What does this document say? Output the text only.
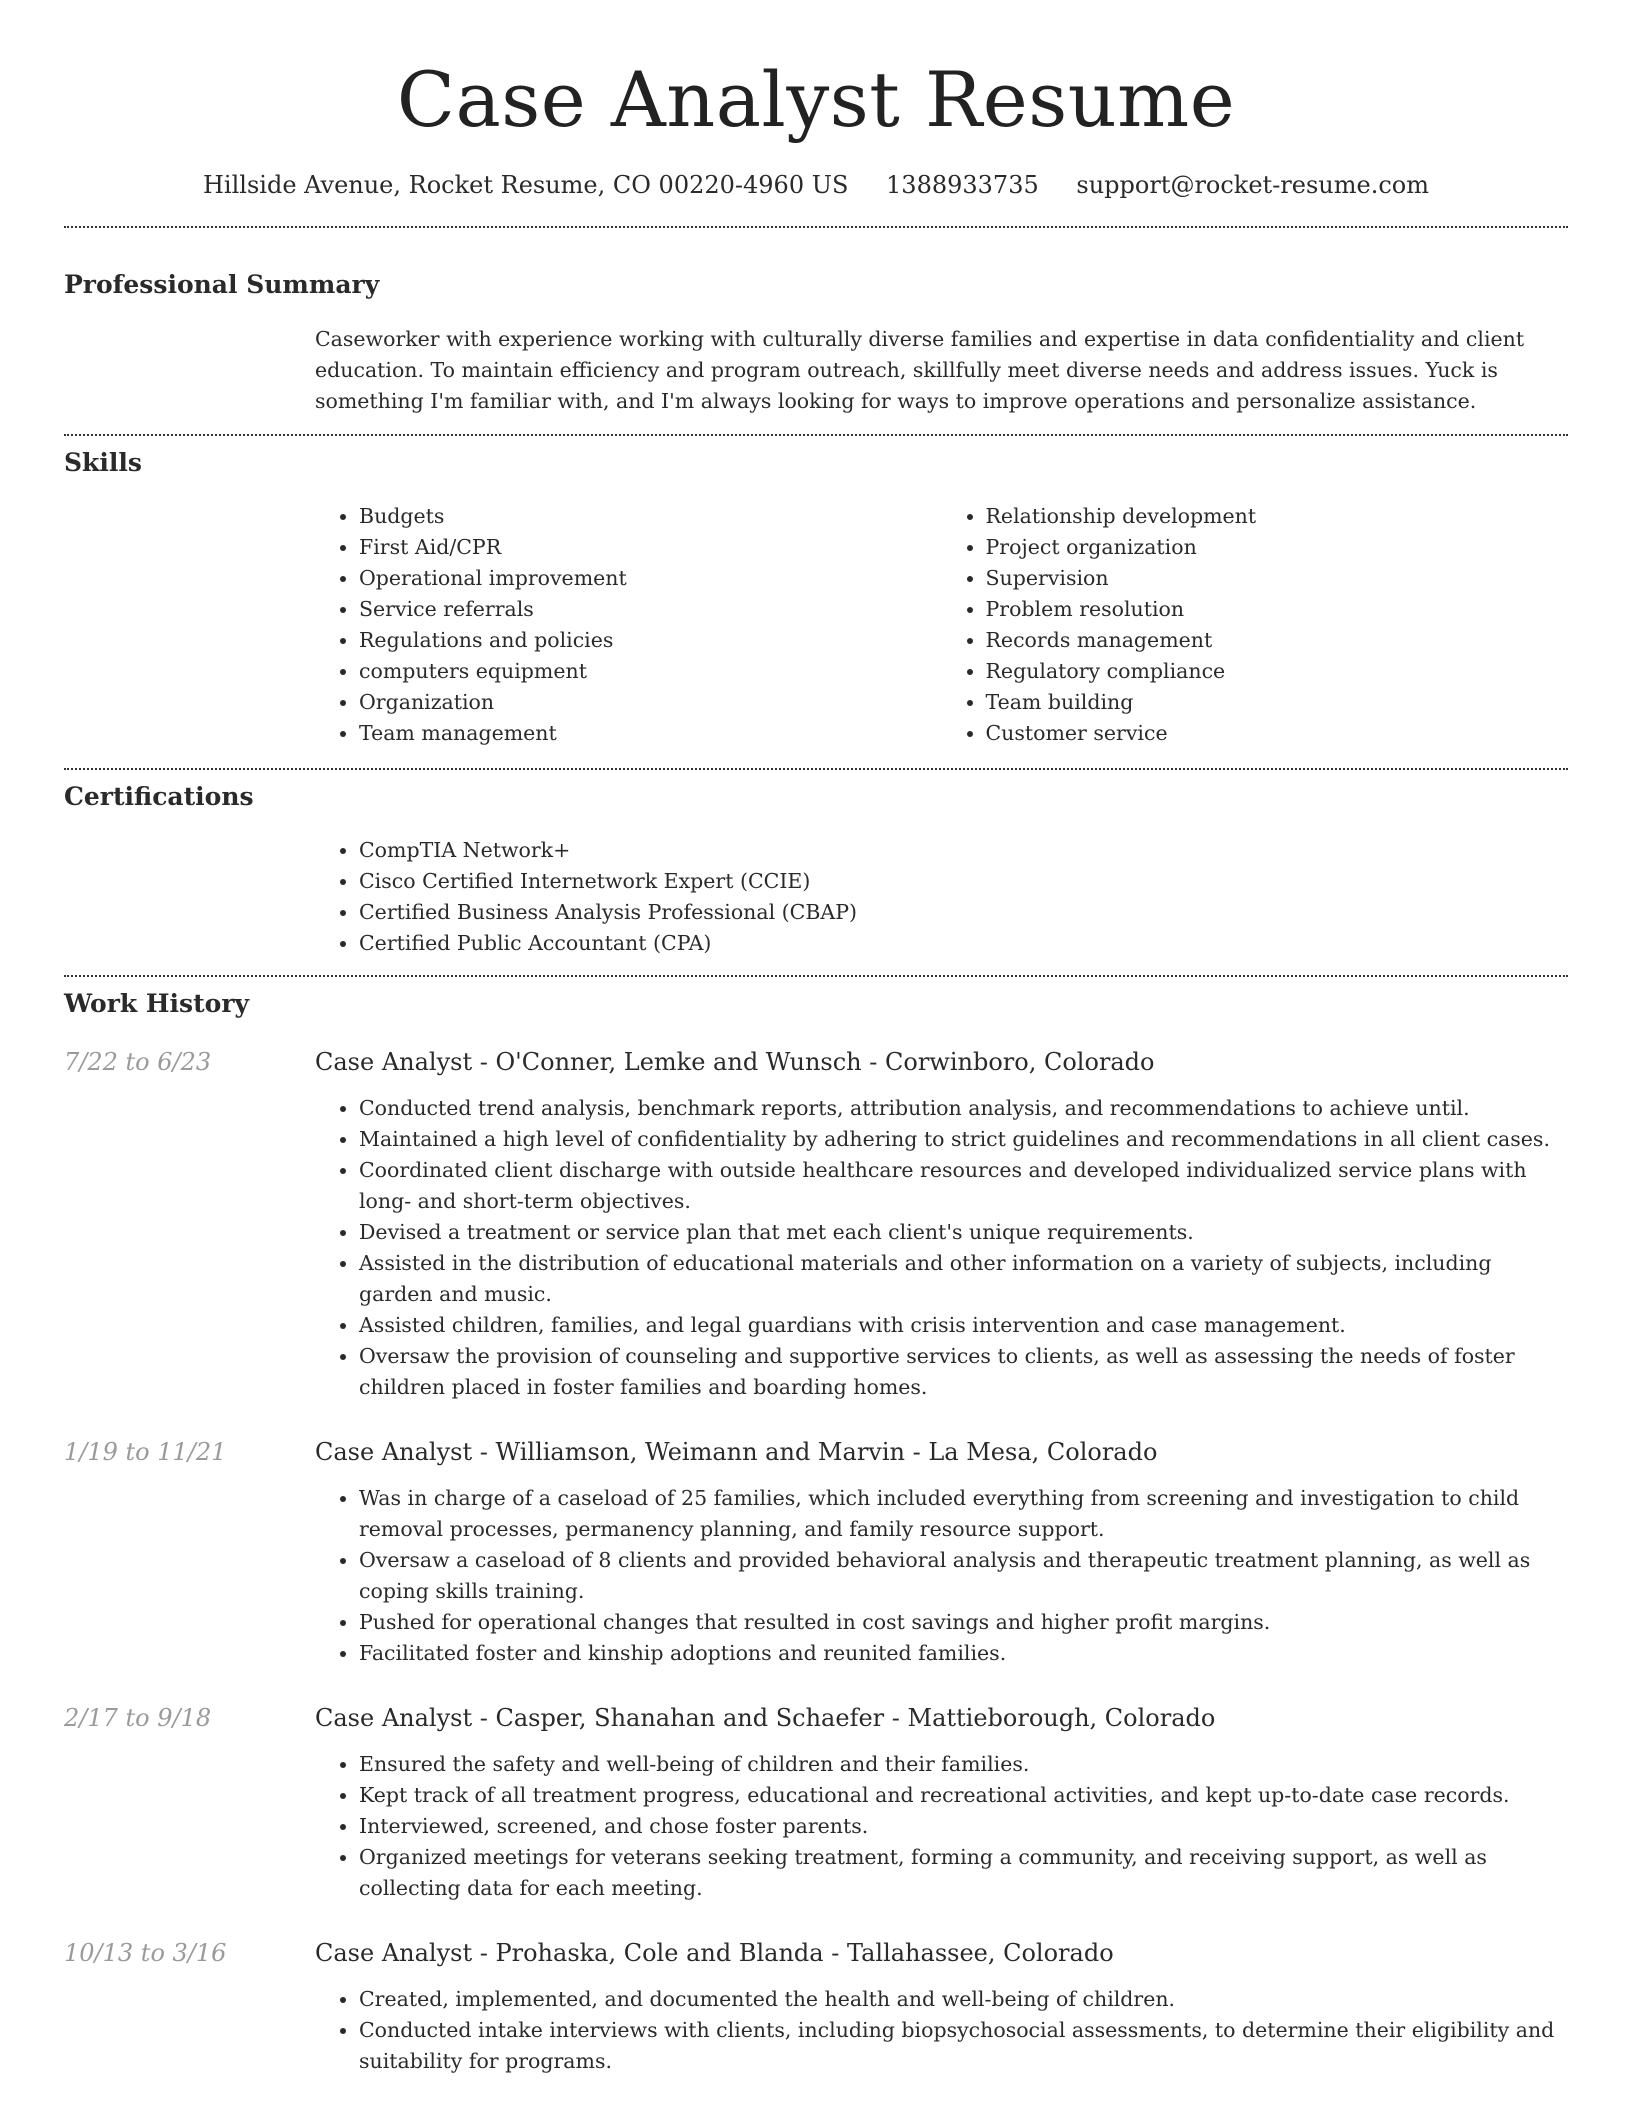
Case Analyst Resume
Hillside Avenue, Rocket Resume, CO 00220-4960 US 1388933735 support@rocket-resume.com
Professional Summary
Caseworker with experience working with culturally diverse families and expertise in data confidentiality and client education. To maintain efficiency and program outreach, skillfully meet diverse needs and address issues. Yuck is something I'm familiar with, and I'm always looking for ways to improve operations and personalize assistance.
Skills
• Budgets
• First Aid/CPR
• Operational improvement
• Service referrals
• Regulations and policies
• computers equipment
• Organization
• Team management
• Relationship development
• Project organization
• Supervision
• Problem resolution
• Records management
• Regulatory compliance
• Team building
• Customer service
Certifications
• CompTIA Network+
• Cisco Certified Internetwork Expert (CCIE)
• Certified Business Analysis Professional (CBAP)
• Certified Public Accountant (CPA)
Work History
7/22 to 6/23	Case Analyst - O'Conner, Lemke and Wunsch - Corwinboro, Colorado
• Conducted trend analysis, benchmark reports, attribution analysis, and recommendations to achieve until.
• Maintained a high level of confidentiality by adhering to strict guidelines and recommendations in all client cases.
• Coordinated client discharge with outside healthcare resources and developed individualized service plans with long- and short-term objectives.
• Devised a treatment or service plan that met each client's unique requirements.
• Assisted in the distribution of educational materials and other information on a variety of subjects, including garden and music.
• Assisted children, families, and legal guardians with crisis intervention and case management.
• Oversaw the provision of counseling and supportive services to clients, as well as assessing the needs of foster children placed in foster families and boarding homes.
1/19 to 11/21	Case Analyst - Williamson, Weimann and Marvin - La Mesa, Colorado
• Was in charge of a caseload of 25 families, which included everything from screening and investigation to child removal processes, permanency planning, and family resource support.
• Oversaw a caseload of 8 clients and provided behavioral analysis and therapeutic treatment planning, as well as coping skills training.
• Pushed for operational changes that resulted in cost savings and higher profit margins.
• Facilitated foster and kinship adoptions and reunited families.
2/17 to 9/18	Case Analyst - Casper, Shanahan and Schaefer - Mattieborough, Colorado
• Ensured the safety and well-being of children and their families.
• Kept track of all treatment progress, educational and recreational activities, and kept up-to-date case records.
• Interviewed, screened, and chose foster parents.
• Organized meetings for veterans seeking treatment, forming a community, and receiving support, as well as collecting data for each meeting.
10/13 to 3/16	Case Analyst - Prohaska, Cole and Blanda - Tallahassee, Colorado
• Created, implemented, and documented the health and well-being of children.
• Conducted intake interviews with clients, including biopsychosocial assessments, to determine their eligibility and suitability for programs.
